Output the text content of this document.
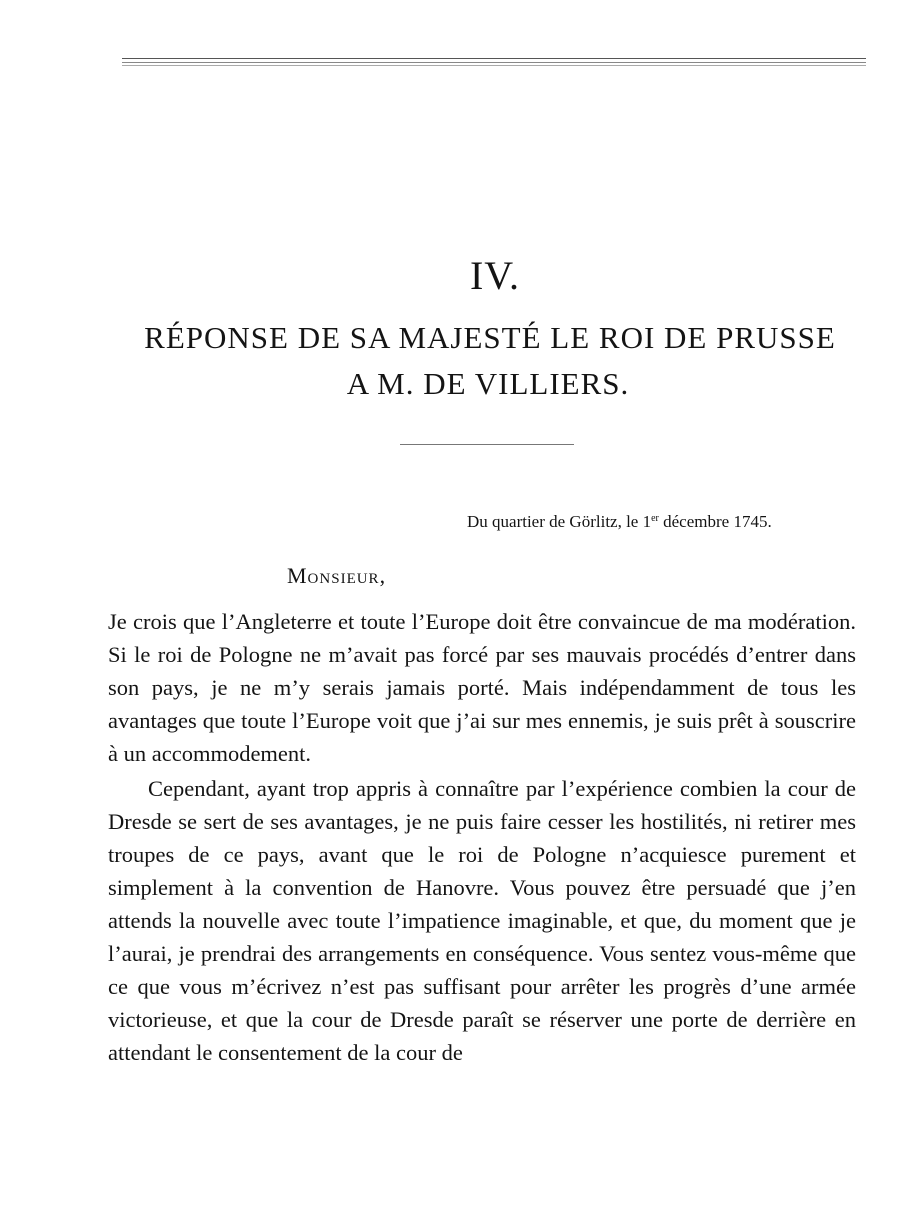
IV.
RÉPONSE DE SA MAJESTÉ LE ROI DE PRUSSE
A M. DE VILLIERS.
Du quartier de Görlitz, le 1er décembre 1745.
Monsieur,

Je crois que l’Angleterre et toute l’Europe doit être convaincue de ma modération. Si le roi de Pologne ne m’avait pas forcé par ses mauvais procédés d’entrer dans son pays, je ne m’y serais jamais porté. Mais indépendamment de tous les avantages que toute l’Europe voit que j’ai sur mes ennemis, je suis prêt à souscrire à un accommodement.

Cependant, ayant trop appris à connaître par l’expérience combien la cour de Dresde se sert de ses avantages, je ne puis faire cesser les hostilités, ni retirer mes troupes de ce pays, avant que le roi de Pologne n’acquiesce purement et simplement à la convention de Hanovre. Vous pouvez être persuadé que j’en attends la nouvelle avec toute l’impatience imaginable, et que, du moment que je l’aurai, je prendrai des arrangements en conséquence. Vous sentez vous-même que ce que vous m’écrivez n’est pas suffisant pour arrêter les progrès d’une armée victorieuse, et que la cour de Dresde paraît se réserver une porte de derrière en attendant le consentement de la cour de
